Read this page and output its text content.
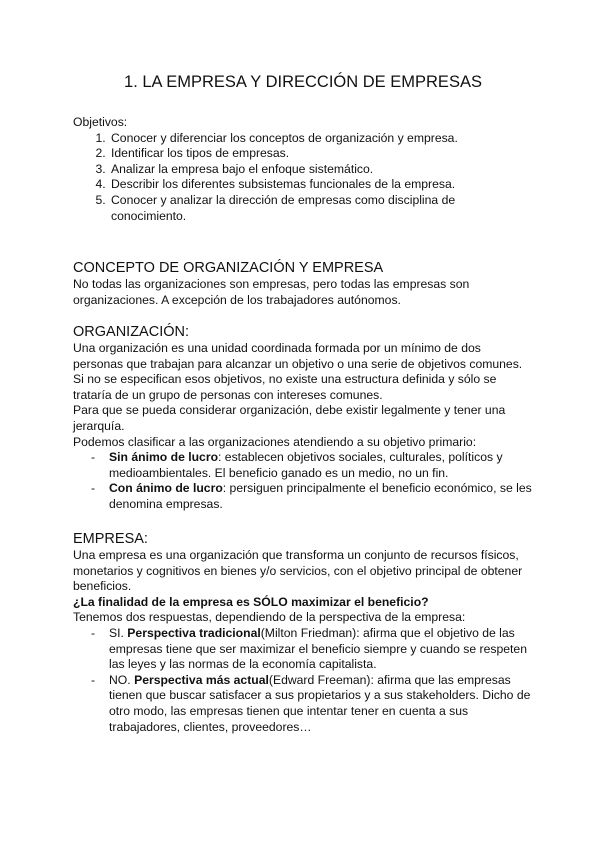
1. LA EMPRESA Y DIRECCIÓN DE EMPRESAS

Objetivos:

1. Conocer y diferenciar los conceptos de organización y empresa.
2. Identificar los tipos de empresas.
3. Analizar la empresa bajo el enfoque sistemático.
4. Describir los diferentes subsistemas funcionales de la empresa.
5. Conocer y analizar la dirección de empresas como disciplina de conocimiento.

CONCEPTO DE ORGANIZACIÓN Y EMPRESA

No todas las organizaciones son empresas, pero todas las empresas son organizaciones. A excepción de los trabajadores autónomos.

ORGANIZACIÓN:

Una organización es una unidad coordinada formada por un mínimo de dos personas que trabajan para alcanzar un objetivo o una serie de objetivos comunes. Si no se especifican esos objetivos, no existe una estructura definida y sólo se trataría de un grupo de personas con intereses comunes.

Para que se pueda considerar organización, debe existir legalmente y tener una jerarquía.

Podemos clasificar a las organizaciones atendiendo a su objetivo primario:

- Sin ánimo de lucro: establecen objetivos sociales, culturales, políticos y medioambientales. El beneficio ganado es un medio, no un fin.
- Con ánimo de lucro: persiguen principalmente el beneficio económico, se les denomina empresas.

EMPRESA:

Una empresa es una organización que transforma un conjunto de recursos físicos, monetarios y cognitivos en bienes y/o servicios, con el objetivo principal de obtener beneficios.

¿La finalidad de la empresa es SÓLO maximizar el beneficio?

Tenemos dos respuestas, dependiendo de la perspectiva de la empresa:

- SI. Perspectiva tradicional(Milton Friedman): afirma que el objetivo de las empresas tiene que ser maximizar el beneficio siempre y cuando se respeten las leyes y las normas de la economía capitalista.
- NO. Perspectiva más actual(Edward Freeman): afirma que las empresas tienen que buscar satisfacer a sus propietarios y a sus stakeholders. Dicho de otro modo, las empresas tienen que intentar tener en cuenta a sus trabajadores, clientes, proveedores…
